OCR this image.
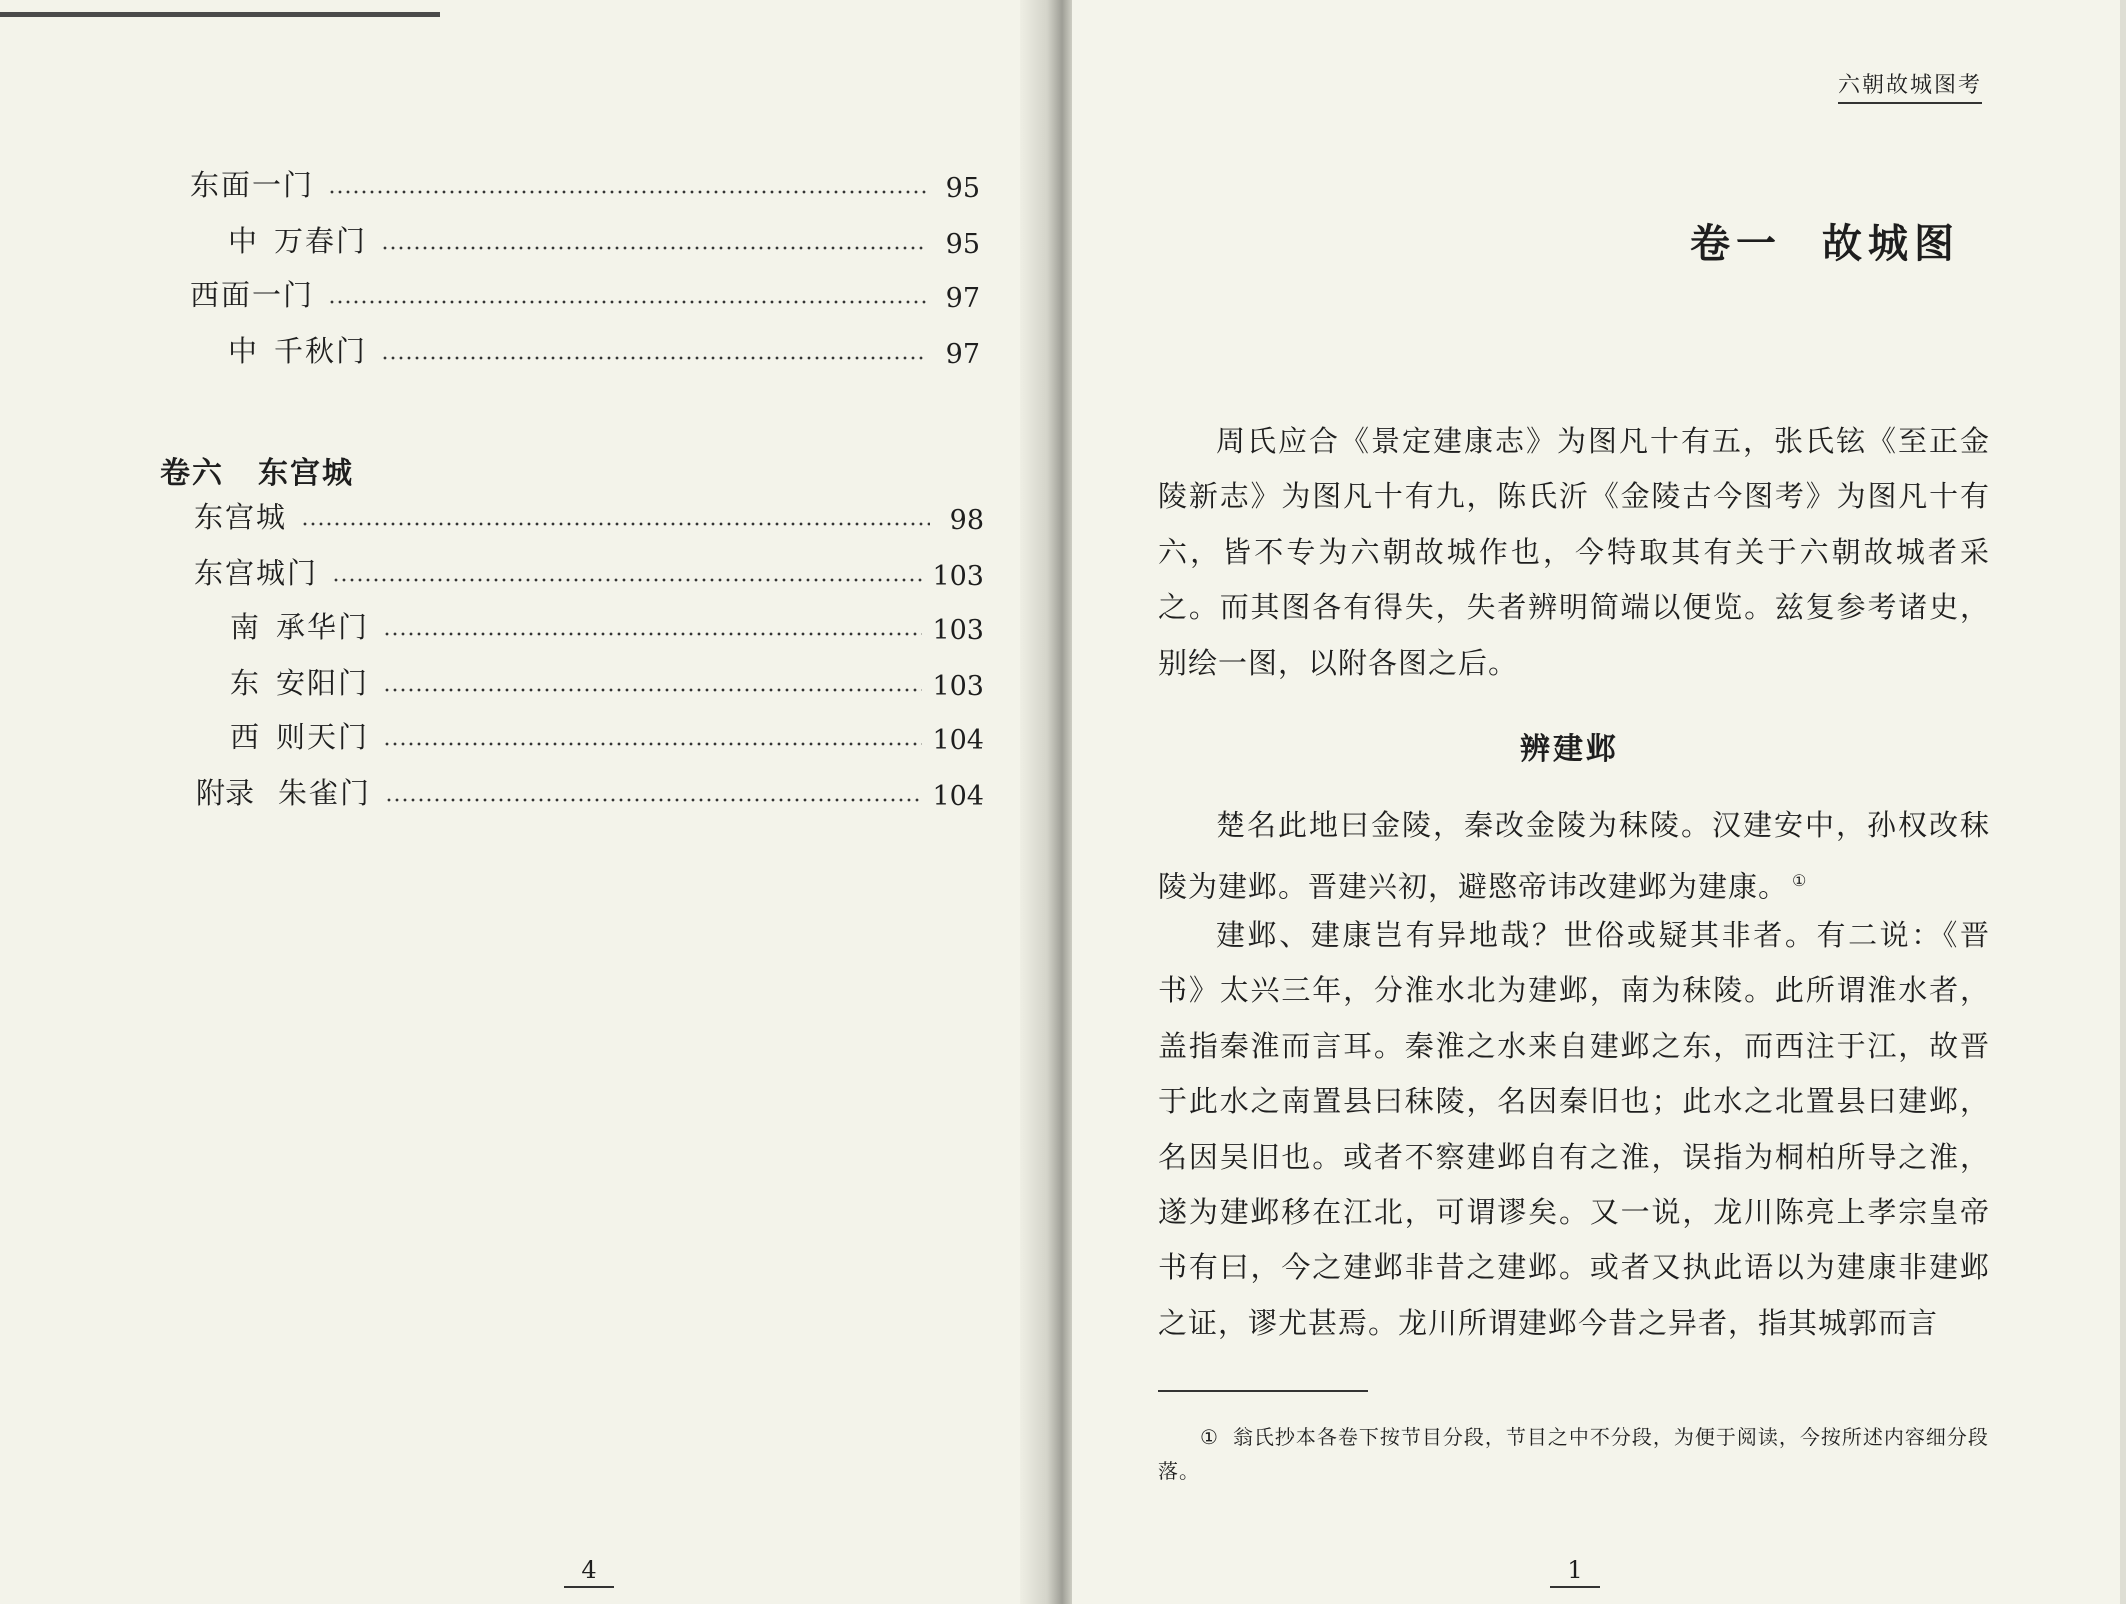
东面一门	95
中 万春门	95
西面一门	97
中 千秋门	97
卷六 东宫城
东宫城	98
东宫城门	103
南 承华门	103
东 安阳门	103
西 则天门	104
附录 朱雀门	104
4
六朝故城图考
卷一 故城图

周氏应合《景定建康志》为图凡十有五，张氏铉《至正金陵新志》为图凡十有九，陈氏沂《金陵古今图考》为图凡十有六，皆不专为六朝故城作也，今特取其有关于六朝故城者采之。而其图各有得失，失者辨明简端以便览。兹复参考诸史，别绘一图，以附各图之后。

辨建邺

楚名此地曰金陵，秦改金陵为秣陵。汉建安中，孙权改秣陵为建邺。晋建兴初，避愍帝讳改建邺为建康。 ①

建邺、建康岂有异地哉？世俗或疑其非者。有二说：《晋书》太兴三年，分淮水北为建邺，南为秣陵。此所谓淮水者，盖指秦淮而言耳。秦淮之水来自建邺之东，而西注于江，故晋于此水之南置县曰秣陵，名因秦旧也；此水之北置县曰建邺，名因吴旧也。或者不察建邺自有之淮，误指为桐柏所导之淮，遂为建邺移在江北，可谓谬矣。又一说，龙川陈亮上孝宗皇帝书有曰，今之建邺非昔之建邺。或者又执此语以为建康非建邺之证，谬尤甚焉。龙川所谓建邺今昔之异者，指其城郭而言

① 翁氏抄本各卷下按节目分段，节目之中不分段，为便于阅读，今按所述内容细分段落。

1
